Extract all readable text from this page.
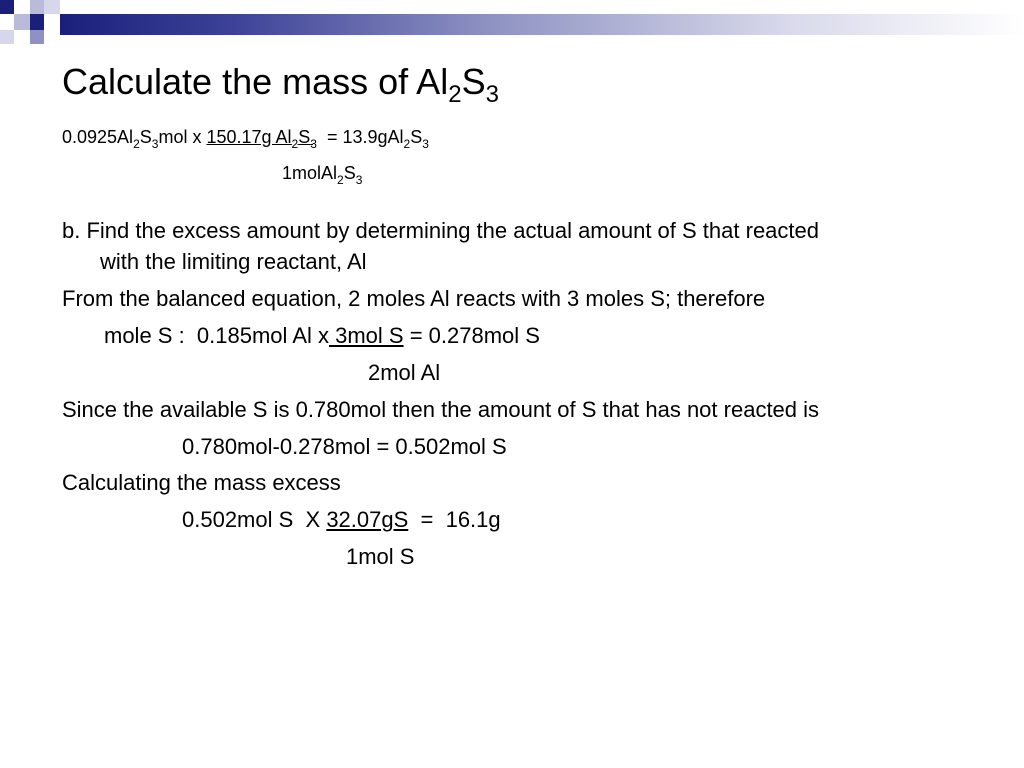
Calculate the mass of $Al_2S_3$
$0.0925Al_2S_3mol$ x 150.17g $Al_2S_3 = 13.9gAl_2S_3$
$1molAl_2S_3$
b. Find the excess amount by determining the actual amount of S that reacted
with the limiting reactant, Al
From the balanced equation, 2 moles Al reacts with 3 moles S; therefore
mole S :  0.185mol Al x 3mol S = 0.278mol S
2mol Al
Since the available S is 0.780mol then the amount of S that has not reacted is
0.780mol-0.278mol = 0.502mol S
Calculating the mass excess
0.502mol S  X 32.07gS  =  16.1g
1mol S
